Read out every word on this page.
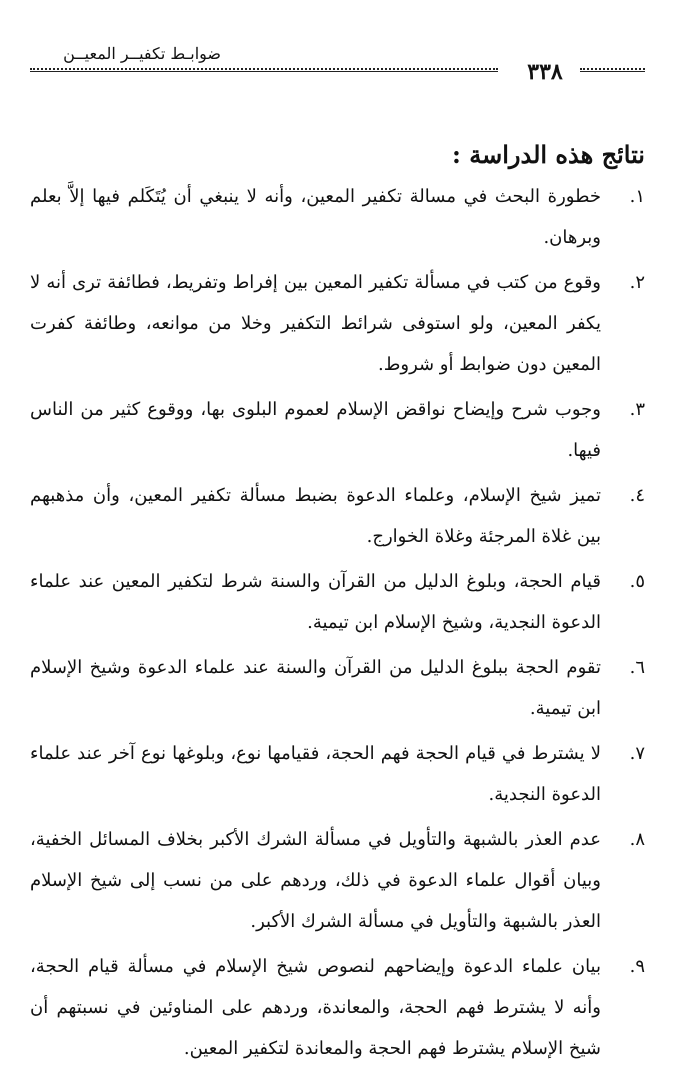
ضوابـط تكفيــر المعيــن
٣٣٨
نتائج هذه الدراسة :
١.
خطورة البحث في مسالة تكفير المعين، وأنه لا ينبغي أن يُتَكَلم فيها إلاَّ بعلم وبرهان.
٢.
وقوع من كتب في مسألة تكفير المعين بين إفراط وتفريط، فطائفة ترى أنه لا يكفر المعين، ولو استوفى شرائط التكفير وخلا من موانعه، وطائفة كفرت المعين دون ضوابط أو شروط.
٣.
وجوب شرح وإيضاح نواقض الإسلام لعموم البلوى بها، ووقوع كثير من الناس فيها.
٤.
تميز شيخ الإسلام، وعلماء الدعوة بضبط مسألة تكفير المعين، وأن مذهبهم بين غلاة المرجئة وغلاة الخوارج.
٥.
قيام الحجة، وبلوغ الدليل من القرآن والسنة شرط لتكفير المعين عند علماء الدعوة النجدية، وشيخ الإسلام ابن تيمية.
٦.
تقوم الحجة ببلوغ الدليل من القرآن والسنة عند علماء الدعوة وشيخ الإسلام ابن تيمية.
٧.
لا يشترط في قيام الحجة فهم الحجة، فقيامها نوع، وبلوغها نوع آخر عند علماء الدعوة النجدية.
٨.
عدم العذر بالشبهة والتأويل في مسألة الشرك الأكبر بخلاف المسائل الخفية، وبيان أقوال علماء الدعوة في ذلك، وردهم على من نسب إلى شيخ الإسلام العذر بالشبهة والتأويل في مسألة الشرك الأكبر.
٩.
بيان علماء الدعوة وإيضاحهم لنصوص شيخ الإسلام في مسألة قيام الحجة، وأنه لا يشترط فهم الحجة، والمعاندة، وردهم على المناوئين في نسبتهم أن شيخ الإسلام يشترط فهم الحجة والمعاندة لتكفير المعين.
